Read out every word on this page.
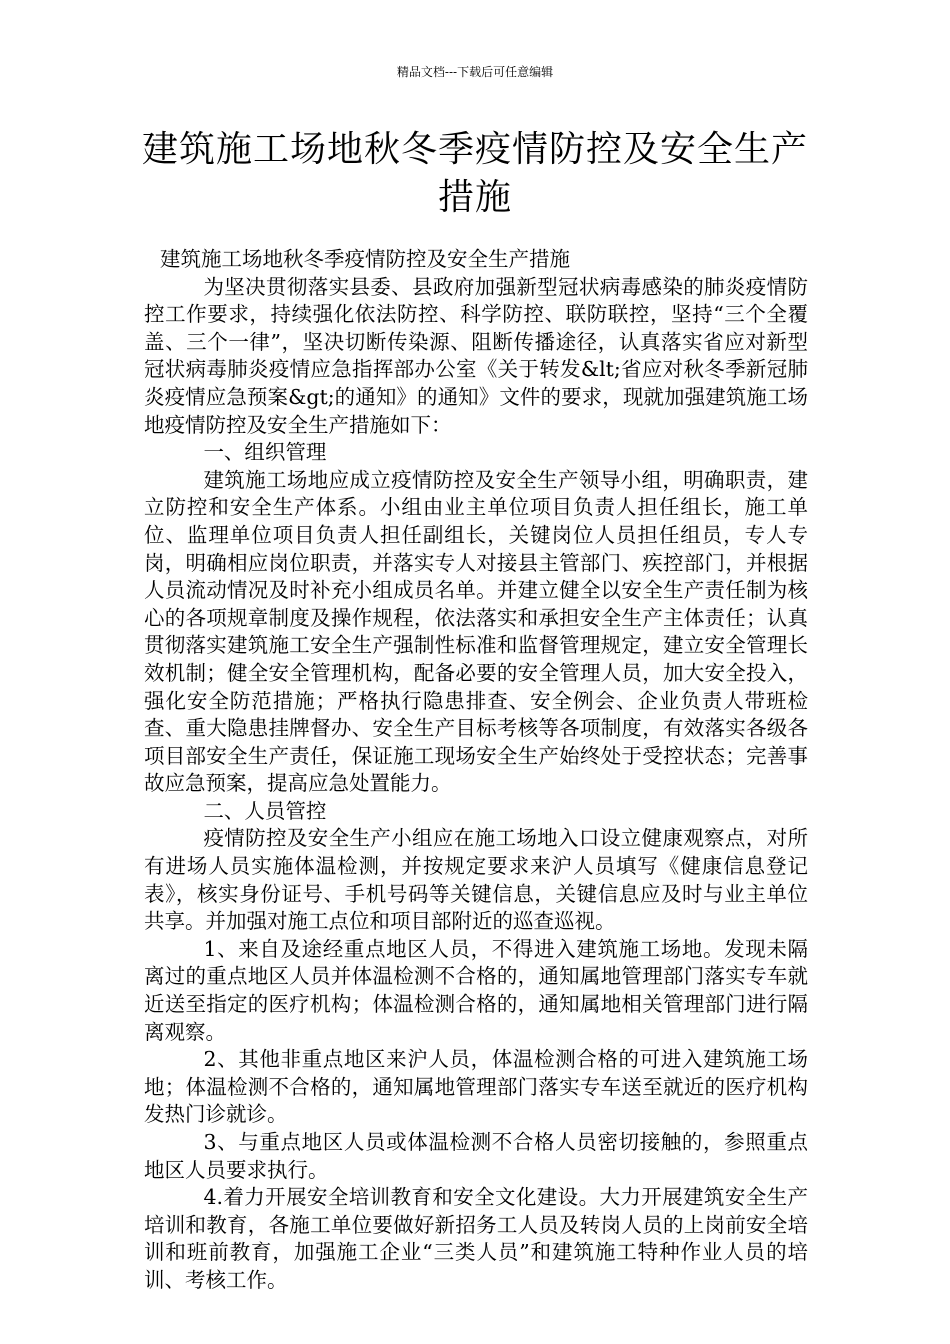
精品文档---下载后可任意编辑
建筑施工场地秋冬季疫情防控及安全生产
措施

建筑施工场地秋冬季疫情防控及安全生产措施

为坚决贯彻落实县委、县政府加强新型冠状病毒感染的肺炎疫情防控工作要求，持续强化依法防控、科学防控、联防联控，坚持“三个全覆盖、三个一律”，坚决切断传染源、阻断传播途径，认真落实省应对新型冠状病毒肺炎疫情应急指挥部办公室《关于转发&lt;省应对秋冬季新冠肺炎疫情应急预案&gt;的通知》的通知》文件的要求，现就加强建筑施工场地疫情防控及安全生产措施如下：

一、组织管理

建筑施工场地应成立疫情防控及安全生产领导小组，明确职责，建立防控和安全生产体系。小组由业主单位项目负责人担任组长，施工单位、监理单位项目负责人担任副组长，关键岗位人员担任组员，专人专岗，明确相应岗位职责，并落实专人对接县主管部门、疾控部门，并根据人员流动情况及时补充小组成员名单。并建立健全以安全生产责任制为核心的各项规章制度及操作规程，依法落实和承担安全生产主体责任；认真贯彻落实建筑施工安全生产强制性标准和监督管理规定，建立安全管理长效机制；健全安全管理机构，配备必要的安全管理人员，加大安全投入，强化安全防范措施；严格执行隐患排查、安全例会、企业负责人带班检查、重大隐患挂牌督办、安全生产目标考核等各项制度，有效落实各级各项目部安全生产责任，保证施工现场安全生产始终处于受控状态；完善事故应急预案，提高应急处置能力。

二、人员管控

疫情防控及安全生产小组应在施工场地入口设立健康观察点，对所有进场人员实施体温检测，并按规定要求来沪人员填写《健康信息登记表》，核实身份证号、手机号码等关键信息，关键信息应及时与业主单位共享。并加强对施工点位和项目部附近的巡查巡视。

1、来自及途经重点地区人员，不得进入建筑施工场地。发现未隔离过的重点地区人员并体温检测不合格的，通知属地管理部门落实专车就近送至指定的医疗机构；体温检测合格的，通知属地相关管理部门进行隔离观察。

2、其他非重点地区来沪人员，体温检测合格的可进入建筑施工场地；体温检测不合格的，通知属地管理部门落实专车送至就近的医疗机构发热门诊就诊。

3、与重点地区人员或体温检测不合格人员密切接触的，参照重点地区人员要求执行。

4.着力开展安全培训教育和安全文化建设。大力开展建筑安全生产培训和教育，各施工单位要做好新招务工人员及转岗人员的上岗前安全培训和班前教育，加强施工企业“三类人员”和建筑施工特种作业人员的培训、考核工作。
